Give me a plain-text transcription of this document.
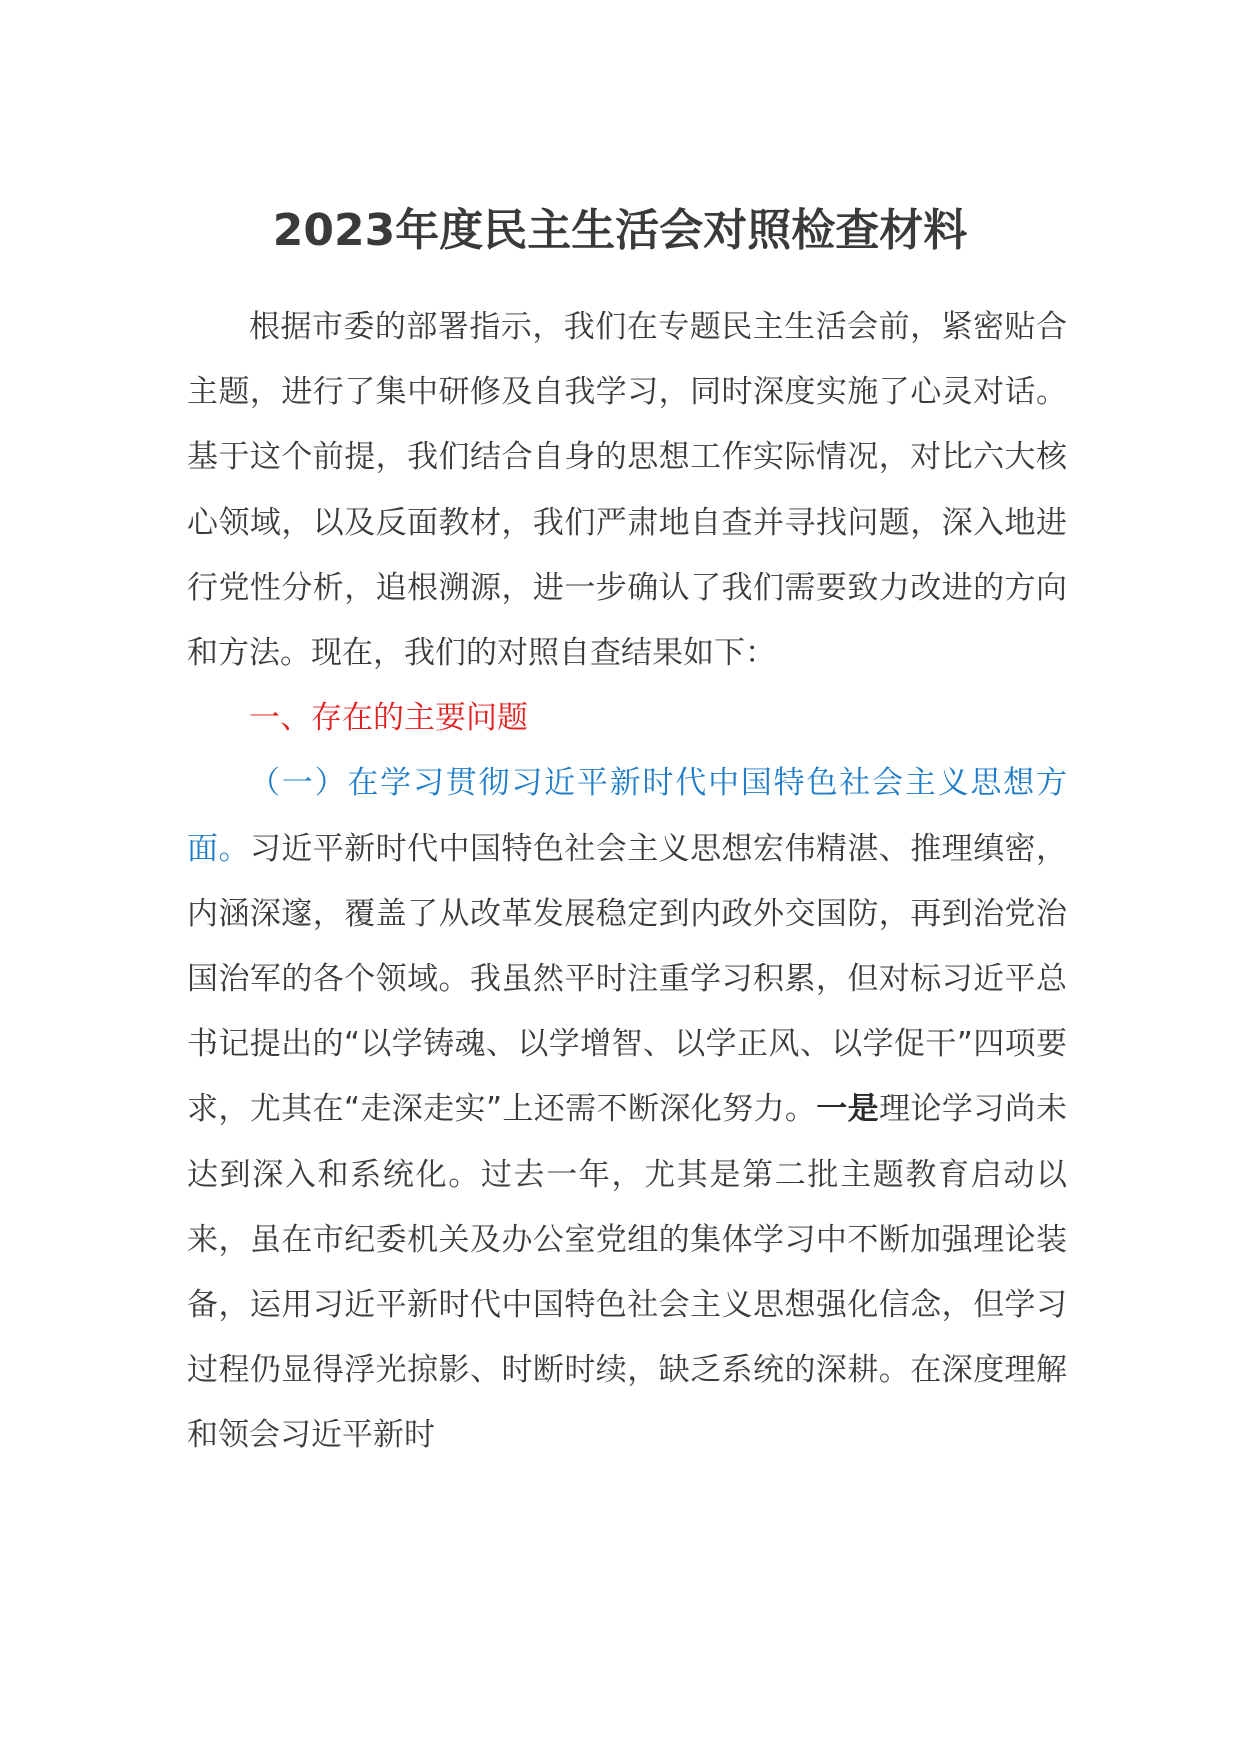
2023年度民主生活会对照检查材料

根据市委的部署指示，我们在专题民主生活会前，紧密贴合主题，进行了集中研修及自我学习，同时深度实施了心灵对话。基于这个前提，我们结合自身的思想工作实际情况，对比六大核心领域，以及反面教材，我们严肃地自查并寻找问题，深入地进行党性分析，追根溯源，进一步确认了我们需要致力改进的方向和方法。现在，我们的对照自查结果如下：

一、存在的主要问题

（一）在学习贯彻习近平新时代中国特色社会主义思想方面。习近平新时代中国特色社会主义思想宏伟精湛、推理缜密，内涵深邃，覆盖了从改革发展稳定到内政外交国防，再到治党治国治军的各个领域。我虽然平时注重学习积累，但对标习近平总书记提出的“以学铸魂、以学增智、以学正风、以学促干”四项要求，尤其在“走深走实”上还需不断深化努力。一是理论学习尚未达到深入和系统化。过去一年，尤其是第二批主题教育启动以来，虽在市纪委机关及办公室党组的集体学习中不断加强理论装备，运用习近平新时代中国特色社会主义思想强化信念，但学习过程仍显得浮光掠影、时断时续，缺乏系统的深耕。在深度理解和领会习近平新时
